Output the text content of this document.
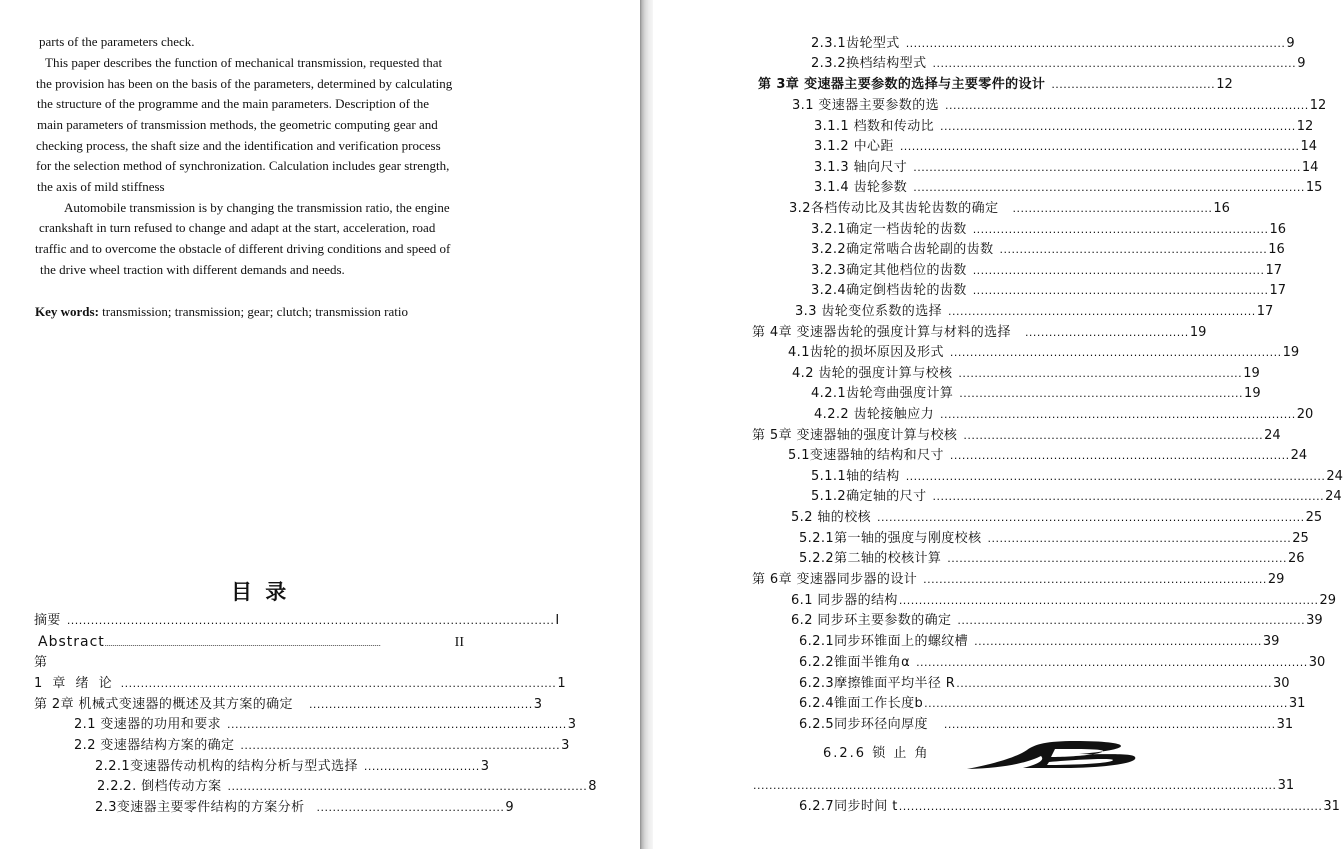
parts of the parameters check.
This paper describes the function of mechanical transmission, requested that
the provision has been on the basis of the parameters, determined by calculating
the structure of the programme and the main parameters. Description of the
main parameters of transmission methods, the geometric computing gear and
checking process, the shaft size and the identification and verification process
for the selection method of synchronization. Calculation includes gear strength,
the axis of mild stiffness
Automobile transmission is by changing the transmission ratio, the engine
crankshaft in turn refused to change and adapt at the start, acceleration, road
traffic and to overcome the obstacle of different driving conditions and speed of
the drive wheel traction with different demands and needs.
Key words: transmission; transmission; gear; clutch; transmission ratio
目 录
摘要 .......................................................................................................................... I
Abstract ..........................................................................................................................................	II
第
1 章 绪 论 ............................................................................................................. 1
第 2章 机械式变速器的概述及其方案的确定 ........................................................ 3
2.1 变速器的功用和要求 ..................................................................................... 3
2.2 变速器结构方案的确定 ................................................................................ 3
2.2.1变速器传动机构的结构分析与型式选择 ............................. 3
2.2.2. 倒档传动方案 .......................................................................................... 8
2.3变速器主要零件结构的方案分析 ............................................... 9
2.3.1齿轮型式 ............................................................................................... 9
2.3.2换档结构型式 ........................................................................................... 9
第 3章 变速器主要参数的选择与主要零件的设计 ......................................... 12
3.1 变速器主要参数的选 ........................................................................................... 12
3.1.1 档数和传动比 ......................................................................................... 12
3.1.2 中心距 .................................................................................................... 14
3.1.3 轴向尺寸 ................................................................................................. 14
3.1.4 齿轮参数 .................................................................................................. 15
3.2各档传动比及其齿轮齿数的确定 .................................................. 16
3.2.1确定一档齿轮的齿数 .......................................................................... 16
3.2.2确定常啮合齿轮副的齿数 ................................................................... 16
3.2.3确定其他档位的齿数 ......................................................................... 17
3.2.4确定倒档齿轮的齿数 .......................................................................... 17
3.3 齿轮变位系数的选择 ............................................................................. 17
第 4章 变速器齿轮的强度计算与材料的选择 ......................................... 19
4.1齿轮的损坏原因及形式 ................................................................................... 19
4.2 齿轮的强度计算与校核 ....................................................................... 19
4.2.1齿轮弯曲强度计算 ....................................................................... 19
4.2.2 齿轮接触应力 ......................................................................................... 20
第 5章 变速器轴的强度计算与校核 ........................................................................... 24
5.1变速器轴的结构和尺寸 ..................................................................................... 24
5.1.1轴的结构 ......................................................................................................... 24
5.1.2确定轴的尺寸 .................................................................................................. 24
5.2 轴的校核 ........................................................................................................... 25
5.2.1第一轴的强度与刚度校核 ............................................................................ 25
5.2.2第二轴的校核计算 ..................................................................................... 26
第 6章 变速器同步器的设计 ...................................................................................... 29
6.1 同步器的结构 ......................................................................................................... 29
6.2 同步环主要参数的确定 ....................................................................................... 39
6.2.1同步环锥面上的螺纹槽 ........................................................................ 39
6.2.2锥面半锥角α .................................................................................................. 30
6.2.3摩擦锥面平均半径 R ............................................................................... 30
6.2.4锥面工作长度b ........................................................................................... 31
6.2.5同步环径向厚度 ................................................................................... 31
6.2.6 锁 止 角
................................................................................................................................... 31
6.2.7同步时间 t .......................................................................................................... 31
